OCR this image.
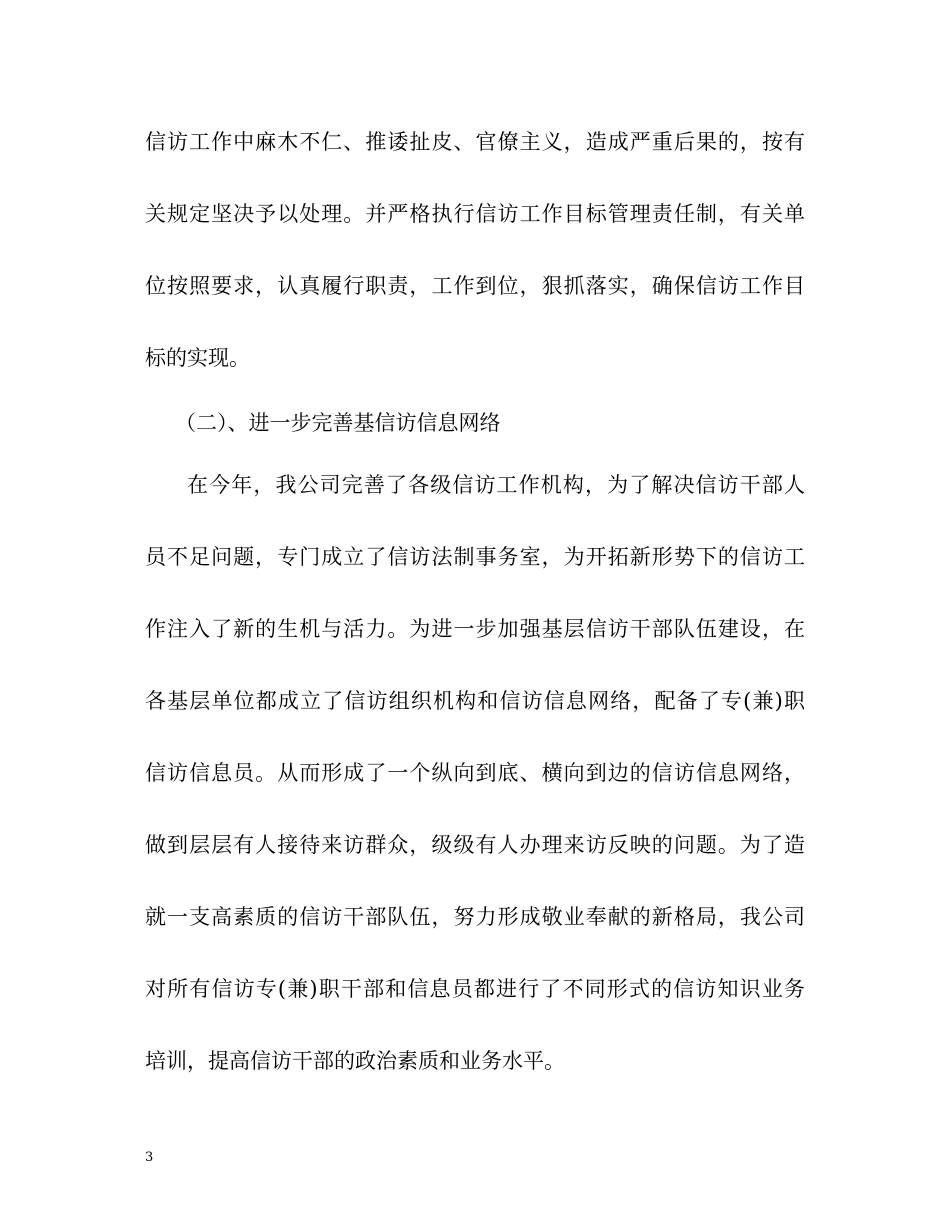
信访工作中麻木不仁、推诿扯皮、官僚主义，造成严重后果的，按有
关规定坚决予以处理。并严格执行信访工作目标管理责任制，有关单
位按照要求，认真履行职责，工作到位，狠抓落实，确保信访工作目
标的实现。
（二）、进一步完善基信访信息网络
在今年，我公司完善了各级信访工作机构，为了解决信访干部人
员不足问题，专门成立了信访法制事务室，为开拓新形势下的信访工
作注入了新的生机与活力。为进一步加强基层信访干部队伍建设，在
各基层单位都成立了信访组织机构和信访信息网络，配备了专(兼)职
信访信息员。从而形成了一个纵向到底、横向到边的信访信息网络，
做到层层有人接待来访群众，级级有人办理来访反映的问题。为了造
就一支高素质的信访干部队伍，努力形成敬业奉献的新格局，我公司
对所有信访专(兼)职干部和信息员都进行了不同形式的信访知识业务
培训，提高信访干部的政治素质和业务水平。
3
